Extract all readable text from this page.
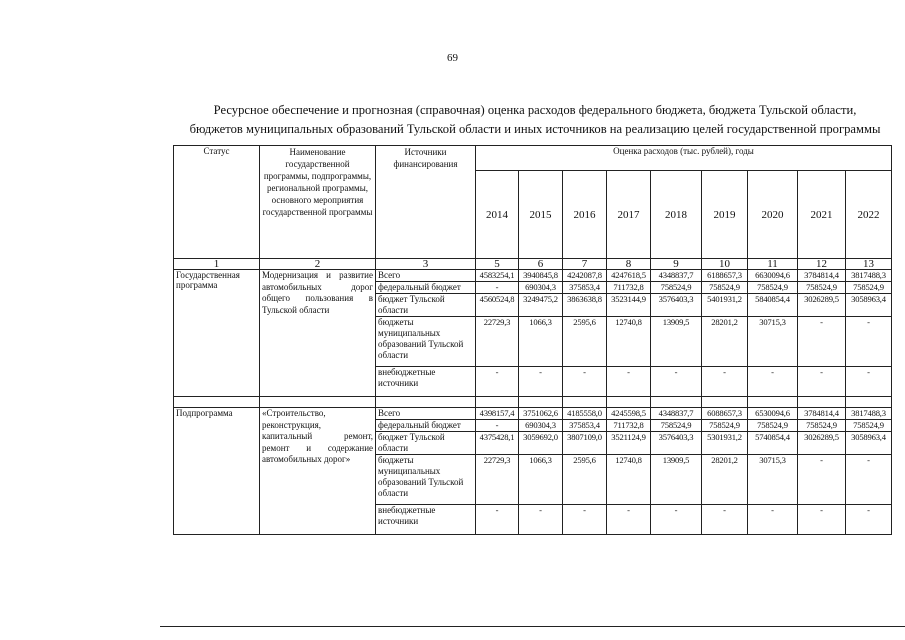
69
Ресурсное обеспечение и прогнозная (справочная) оценка расходов федерального бюджета, бюджета Тульской области,
бюджетов муниципальных образований Тульской области и иных источников на реализацию целей государственной программы
Статус	Наименование государственной программы, подпрограммы, региональной программы, основного мероприятия государственной программы	Источники финансирования	Оценка расходов (тыс. рублей), годы								
			2014	2015	2016	2017	2018	2019	2020	2021	2022
1	2	3	5	6	7	8	9	10	11	12	13
Государственная программа	Модернизация и развитие автомобильных дорог общего пользования в Тульской области	Всего	4583254,1	3940845,8	4242087,8	4247618,5	4348837,7	6188657,3	6630094,6	3784814,4	3817488,3
		федеральный бюджет	-	690304,3	375853,4	711732,8	758524,9	758524,9	758524,9	758524,9	758524,9
		бюджет Тульской области	4560524,8	3249475,2	3863638,8	3523144,9	3576403,3	5401931,2	5840854,4	3026289,5	3058963,4
		бюджеты муниципальных образований Тульской области	22729,3	1066,3	2595,6	12740,8	13909,5	28201,2	30715,3	-	-
		внебюджетные источники	-	-	-	-	-	-	-	-	-

Подпрограмма	«Строительство, реконструкция, капитальный ремонт, ремонт и содержание автомобильных дорог»	Всего	4398157,4	3751062,6	4185558,0	4245598,5	4348837,7	6088657,3	6530094,6	3784814,4	3817488,3
		федеральный бюджет	-	690304,3	375853,4	711732,8	758524,9	758524,9	758524,9	758524,9	758524,9
		бюджет Тульской области	4375428,1	3059692,0	3807109,0	3521124,9	3576403,3	5301931,2	5740854,4	3026289,5	3058963,4
		бюджеты муниципальных образований Тульской области	22729,3	1066,3	2595,6	12740,8	13909,5	28201,2	30715,3	-	-
		внебюджетные источники	-	-	-	-	-	-	-	-	-
